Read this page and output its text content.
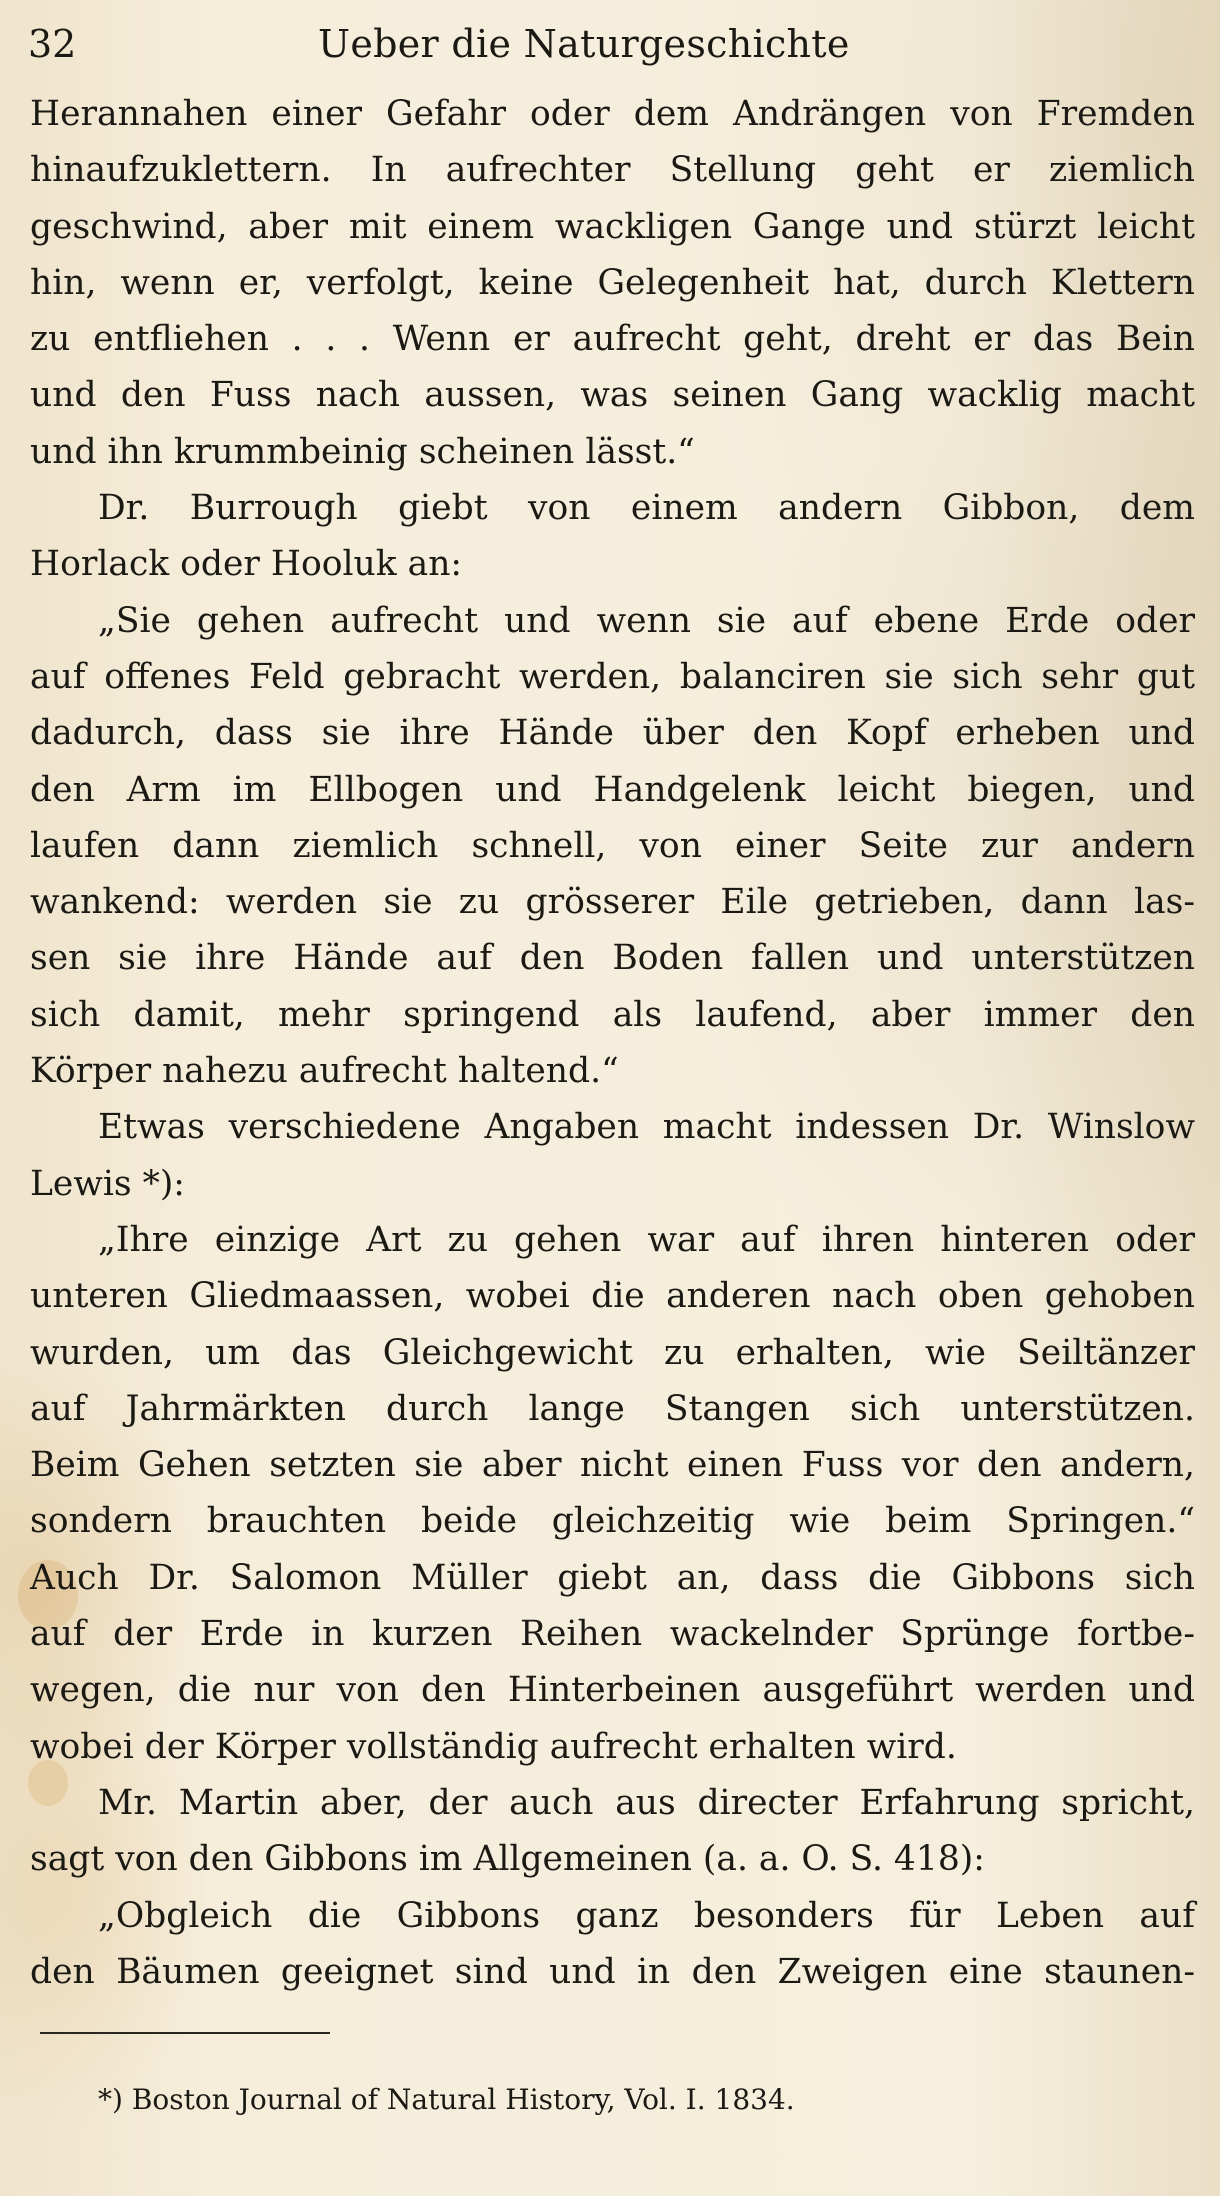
32	Ueber die Naturgeschichte
Herannahen einer Gefahr oder dem Andrängen von Fremden
hinaufzuklettern. In aufrechter Stellung geht er ziemlich
geschwind, aber mit einem wackligen Gange und stürzt leicht
hin, wenn er, verfolgt, keine Gelegenheit hat, durch Klettern
zu entfliehen . . . Wenn er aufrecht geht, dreht er das Bein
und den Fuss nach aussen, was seinen Gang wacklig macht
und ihn krummbeinig scheinen lässt.“
Dr. Burrough giebt von einem andern Gibbon, dem
Horlack oder Hooluk an:
„Sie gehen aufrecht und wenn sie auf ebene Erde oder
auf offenes Feld gebracht werden, balanciren sie sich sehr gut
dadurch, dass sie ihre Hände über den Kopf erheben und
den Arm im Ellbogen und Handgelenk leicht biegen, und
laufen dann ziemlich schnell, von einer Seite zur andern
wankend: werden sie zu grösserer Eile getrieben, dann las-
sen sie ihre Hände auf den Boden fallen und unterstützen
sich damit, mehr springend als laufend, aber immer den
Körper nahezu aufrecht haltend.“
Etwas verschiedene Angaben macht indessen Dr. Winslow
Lewis *):
„Ihre einzige Art zu gehen war auf ihren hinteren oder
unteren Gliedmaassen, wobei die anderen nach oben gehoben
wurden, um das Gleichgewicht zu erhalten, wie Seiltänzer
auf Jahrmärkten durch lange Stangen sich unterstützen.
Beim Gehen setzten sie aber nicht einen Fuss vor den andern,
sondern brauchten beide gleichzeitig wie beim Springen.“
Auch Dr. Salomon Müller giebt an, dass die Gibbons sich
auf der Erde in kurzen Reihen wackelnder Sprünge fortbe-
wegen, die nur von den Hinterbeinen ausgeführt werden und
wobei der Körper vollständig aufrecht erhalten wird.
Mr. Martin aber, der auch aus directer Erfahrung spricht,
sagt von den Gibbons im Allgemeinen (a. a. O. S. 418):
„Obgleich die Gibbons ganz besonders für Leben auf
den Bäumen geeignet sind und in den Zweigen eine staunen-
*) Boston Journal of Natural History, Vol. I. 1834.
